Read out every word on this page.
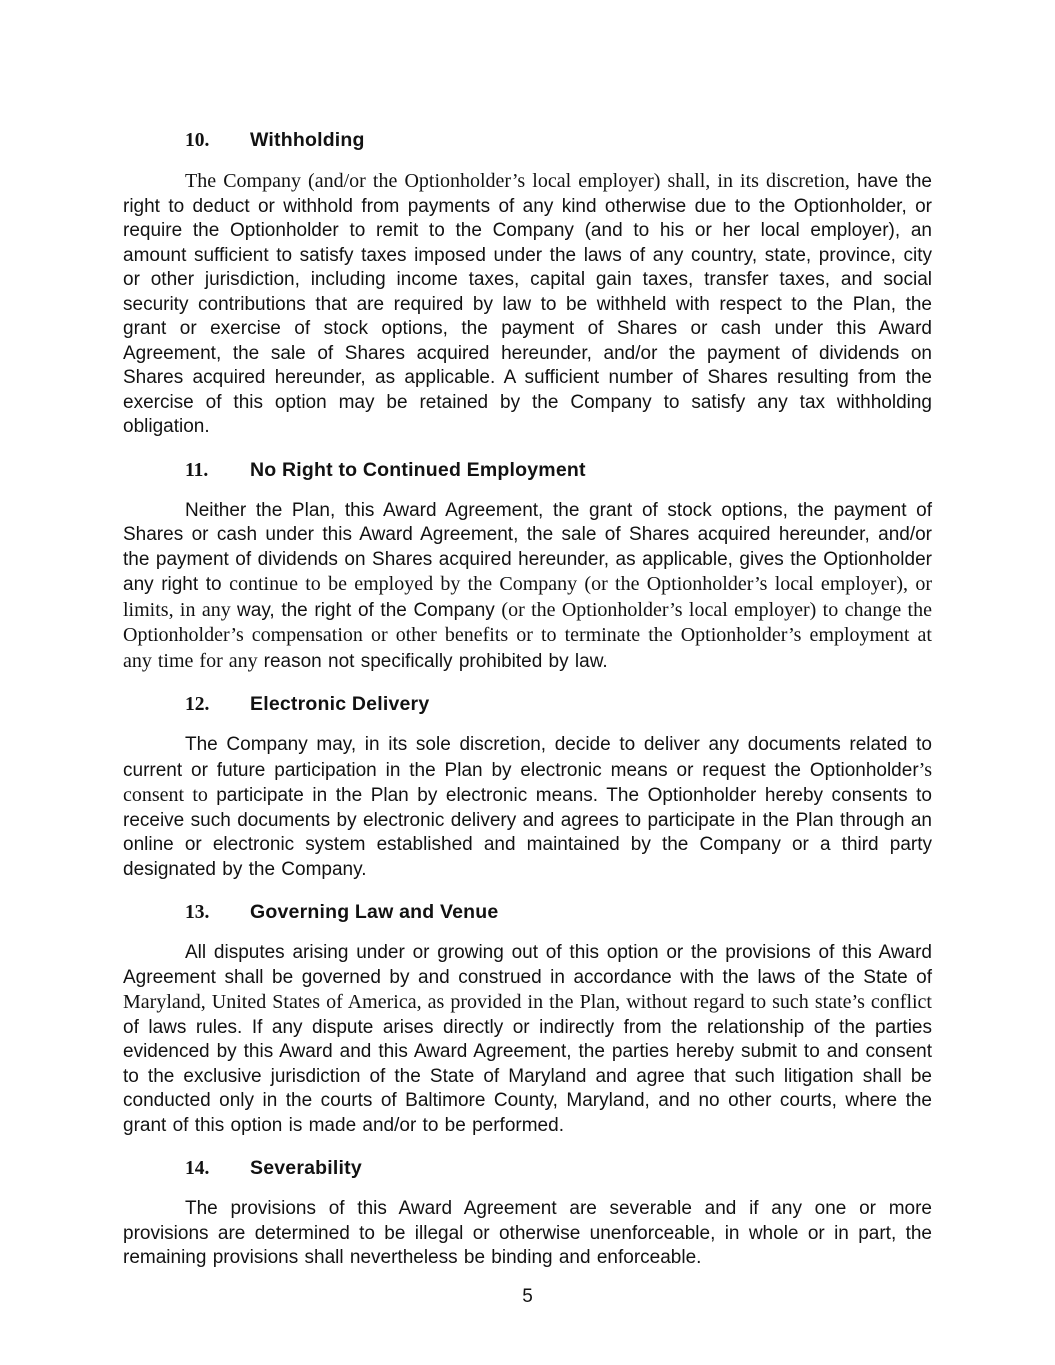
10. Withholding

The Company (and/or the Optionholder’s local employer) shall, in its discretion, have the right to deduct or withhold from payments of any kind otherwise due to the Optionholder, or require the Optionholder to remit to the Company (and to his or her local employer), an amount sufficient to satisfy taxes imposed under the laws of any country, state, province, city or other jurisdiction, including income taxes, capital gain taxes, transfer taxes, and social security contributions that are required by law to be withheld with respect to the Plan, the grant or exercise of stock options, the payment of Shares or cash under this Award Agreement, the sale of Shares acquired hereunder, and/or the payment of dividends on Shares acquired hereunder, as applicable. A sufficient number of Shares resulting from the exercise of this option may be retained by the Company to satisfy any tax withholding obligation.

11. No Right to Continued Employment

Neither the Plan, this Award Agreement, the grant of stock options, the payment of Shares or cash under this Award Agreement, the sale of Shares acquired hereunder, and/or the payment of dividends on Shares acquired hereunder, as applicable, gives the Optionholder any right to continue to be employed by the Company (or the Optionholder’s local employer), or limits, in any way, the right of the Company (or the Optionholder’s local employer) to change the Optionholder’s compensation or other benefits or to terminate the Optionholder’s employment at any time for any reason not specifically prohibited by law.

12. Electronic Delivery

The Company may, in its sole discretion, decide to deliver any documents related to current or future participation in the Plan by electronic means or request the Optionholder’s consent to participate in the Plan by electronic means. The Optionholder hereby consents to receive such documents by electronic delivery and agrees to participate in the Plan through an online or electronic system established and maintained by the Company or a third party designated by the Company.

13. Governing Law and Venue

All disputes arising under or growing out of this option or the provisions of this Award Agreement shall be governed by and construed in accordance with the laws of the State of Maryland, United States of America, as provided in the Plan, without regard to such state’s conflict of laws rules. If any dispute arises directly or indirectly from the relationship of the parties evidenced by this Award and this Award Agreement, the parties hereby submit to and consent to the exclusive jurisdiction of the State of Maryland and agree that such litigation shall be conducted only in the courts of Baltimore County, Maryland, and no other courts, where the grant of this option is made and/or to be performed.

14. Severability

The provisions of this Award Agreement are severable and if any one or more provisions are determined to be illegal or otherwise unenforceable, in whole or in part, the remaining provisions shall nevertheless be binding and enforceable.

5
